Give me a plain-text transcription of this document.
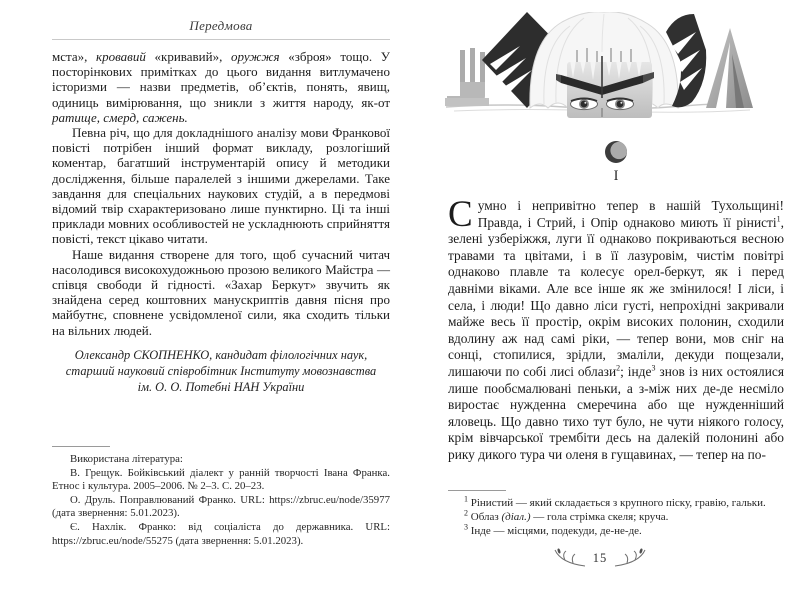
Передмова

мста», кровавий «кривавий», оружжя «зброя» тощо. У посторінкових примітках до цього видання витлумачено історизми — назви предметів, об’єктів, понять, явищ, одиниць вимірювання, що зникли з життя народу, як-от ратище, смерд, сажень.

Певна річ, що для докладнішого аналізу мови Франкової повісті потрібен інший формат викладу, розлогіший коментар, багатший інструментарій опису й методики дослідження, більше паралелей з іншими джерелами. Таке завдання для спеціальних наукових студій, а в передмові відомий твір схарактеризовано лише пунктирно. Ці та інші приклади мовних особливостей не ускладнюють сприйняття повісті, текст цікаво читати.

Наше видання створене для того, щоб сучасний читач насолодився високохудожньою прозою великого Майстра — співця свободи й гідності. «Захар Беркут» звучить як знайдена серед коштовних манускриптів давня пісня про майбутнє, сповнене усвідомленої сили, яка сходить тільки на вільних людей.

Олександр СКОПНЕНКО, кандидат філологічних наук,
старший науковий співробітник Інституту мовознавства
ім. О. О. Потебні НАН України

Використана література:

В. Грещук. Бойківський діалект у ранній творчості Івана Франка. Етнос і культура. 2005–2006. № 2–3. С. 20–23.

О. Друль. Поправлюваний Франко. URL: https://zbruc.eu/node/35977 (дата звернення: 5.01.2023).

Є. Нахлік. Франко: від соціаліста до державника. URL: https://zbruc.eu/node/55275 (дата звернення: 5.01.2023).

І

Сумно і непривітно тепер в нашій Тухольщині! Правда, і Стрий, і Опір однаково миють її рінисті$^1$, зелені узберіжжя, луги її однаково покриваються весною травами та цвітами, і в її лазуровім, чистім повітрі однаково плавле та колесує орел-беркут, як і перед давніми віками. Але все інше як же змінилося! І ліси, і села, і люди! Що давно ліси густі, непрохідні закривали майже весь її простір, окрім високих полонин, сходили вдолину аж над самі ріки, — тепер вони, мов сніг на сонці, стопилися, зрідли, змаліли, декуди пощезали, лишаючи по собі лисі облази$^2$; інде$^3$ знов із них остоялися лише пообсмалювані пеньки, а з-між них де-де несміло виростає нужденна смеречина або ще нужденніший яловець. Що давно тихо тут було, не чути ніякого голосу, крім вівчарської трембіти десь на далекій полонині або рику дикого тура чи оленя в гущавинах, — тепер на по-

$^1$ Рінистий — який складається з крупного піску, гравію, гальки.

$^2$ Облаз (діал.) — гола стрімка скеля; круча.

$^3$ Інде — місцями, подекуди, де-не-де.

15
